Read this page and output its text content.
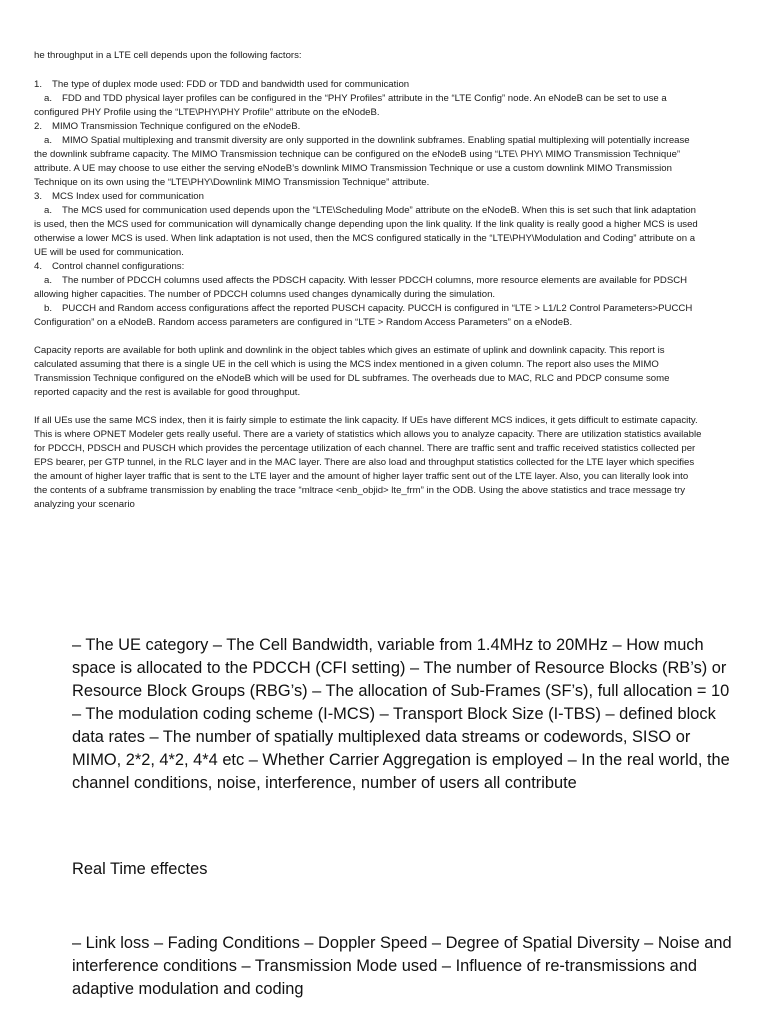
he throughput in a LTE cell depends upon the following factors:

1. The type of duplex mode used: FDD or TDD and bandwidth used for communication

a. FDD and TDD physical layer profiles can be configured in the “PHY Profiles” attribute in the “LTE Config” node. An eNodeB can be set to use a configured PHY Profile using the “LTE\PHY\PHY Profile” attribute on the eNodeB.

2. MIMO Transmission Technique configured on the eNodeB.

a. MIMO Spatial multiplexing and transmit diversity are only supported in the downlink subframes. Enabling spatial multiplexing will potentially increase the downlink subframe capacity. The MIMO Transmission technique can be configured on the eNodeB using “LTE\ PHY\ MIMO Transmission Technique” attribute. A UE may choose to use either the serving eNodeB’s downlink MIMO Transmission Technique or use a custom downlink MIMO Transmission Technique on its own using the “LTE\PHY\Downlink MIMO Transmission Technique” attribute.

3. MCS Index used for communication

a. The MCS used for communication used depends upon the “LTE\Scheduling Mode” attribute on the eNodeB. When this is set such that link adaptation is used, then the MCS used for communication will dynamically change depending upon the link quality. If the link quality is really good a higher MCS is used otherwise a lower MCS is used. When link adaptation is not used, then the MCS configured statically in the “LTE\PHY\Modulation and Coding” attribute on a UE will be used for communication.

4. Control channel configurations:

a. The number of PDCCH columns used affects the PDSCH capacity. With lesser PDCCH columns, more resource elements are available for PDSCH allowing higher capacities. The number of PDCCH columns used changes dynamically during the simulation.

b. PUCCH and Random access configurations affect the reported PUSCH capacity. PUCCH is configured in “LTE > L1/L2 Control Parameters>PUCCH Configuration” on a eNodeB. Random access parameters are configured in “LTE > Random Access Parameters” on a eNodeB.

Capacity reports are available for both uplink and downlink in the object tables which gives an estimate of uplink and downlink capacity. This report is calculated assuming that there is a single UE in the cell which is using the MCS index mentioned in a given column. The report also uses the MIMO Transmission Technique configured on the eNodeB which will be used for DL subframes. The overheads due to MAC, RLC and PDCP consume some reported capacity and the rest is available for good throughput.

If all UEs use the same MCS index, then it is fairly simple to estimate the link capacity. If UEs have different MCS indices, it gets difficult to estimate capacity. This is where OPNET Modeler gets really useful. There are a variety of statistics which allows you to analyze capacity. There are utilization statistics available for PDCCH, PDSCH and PUSCH which provides the percentage utilization of each channel. There are traffic sent and traffic received statistics collected per EPS bearer, per GTP tunnel, in the RLC layer and in the MAC layer. There are also load and throughput statistics collected for the LTE layer which specifies the amount of higher layer traffic that is sent to the LTE layer and the amount of higher layer traffic sent out of the LTE layer. Also, you can literally look into the contents of a subframe transmission by enabling the trace “mltrace <enb_objid> lte_frm” in the ODB. Using the above statistics and trace message try analyzing your scenario

– The UE category – The Cell Bandwidth, variable from 1.4MHz to 20MHz – How much space is allocated to the PDCCH (CFI setting) – The number of Resource Blocks (RB’s) or Resource Block Groups (RBG’s) – The allocation of Sub-Frames (SF’s), full allocation = 10 – The modulation coding scheme (I-MCS) – Transport Block Size (I-TBS) – defined block data rates – The number of spatially multiplexed data streams or codewords, SISO or MIMO, 2*2, 4*2, 4*4 etc – Whether Carrier Aggregation is employed – In the real world, the channel conditions, noise, interference, number of users all contribute
Real Time effectes
– Link loss – Fading Conditions – Doppler Speed – Degree of Spatial Diversity – Noise and interference conditions – Transmission Mode used – Influence of re-transmissions and adaptive modulation and coding
